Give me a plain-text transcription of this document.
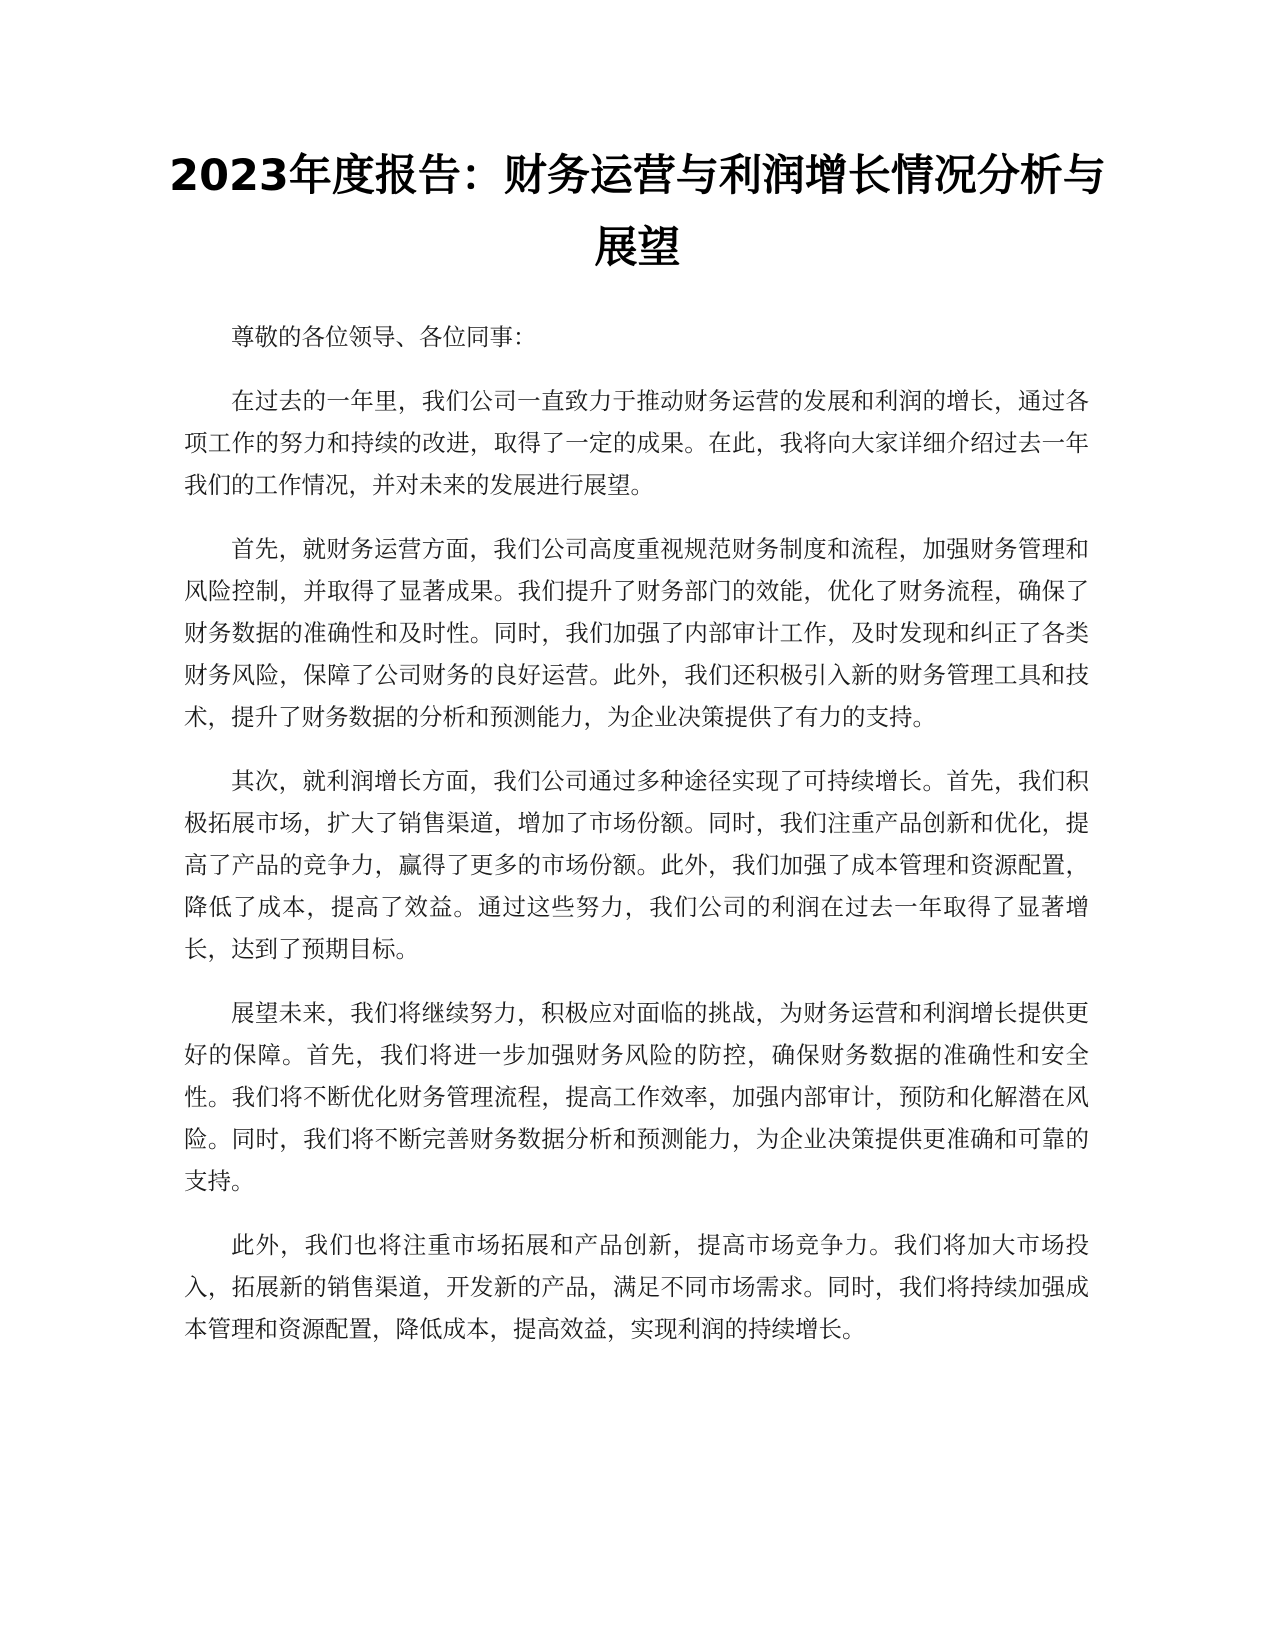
2023年度报告：财务运营与利润增长情况分析与展望

尊敬的各位领导、各位同事：

在过去的一年里，我们公司一直致力于推动财务运营的发展和利润的增长，通过各项工作的努力和持续的改进，取得了一定的成果。在此，我将向大家详细介绍过去一年我们的工作情况，并对未来的发展进行展望。

首先，就财务运营方面，我们公司高度重视规范财务制度和流程，加强财务管理和风险控制，并取得了显著成果。我们提升了财务部门的效能，优化了财务流程，确保了财务数据的准确性和及时性。同时，我们加强了内部审计工作，及时发现和纠正了各类财务风险，保障了公司财务的良好运营。此外，我们还积极引入新的财务管理工具和技术，提升了财务数据的分析和预测能力，为企业决策提供了有力的支持。

其次，就利润增长方面，我们公司通过多种途径实现了可持续增长。首先，我们积极拓展市场，扩大了销售渠道，增加了市场份额。同时，我们注重产品创新和优化，提高了产品的竞争力，赢得了更多的市场份额。此外，我们加强了成本管理和资源配置，降低了成本，提高了效益。通过这些努力，我们公司的利润在过去一年取得了显著增长，达到了预期目标。

展望未来，我们将继续努力，积极应对面临的挑战，为财务运营和利润增长提供更好的保障。首先，我们将进一步加强财务风险的防控，确保财务数据的准确性和安全性。我们将不断优化财务管理流程，提高工作效率，加强内部审计，预防和化解潜在风险。同时，我们将不断完善财务数据分析和预测能力，为企业决策提供更准确和可靠的支持。

此外，我们也将注重市场拓展和产品创新，提高市场竞争力。我们将加大市场投入，拓展新的销售渠道，开发新的产品，满足不同市场需求。同时，我们将持续加强成本管理和资源配置，降低成本，提高效益，实现利润的持续增长。
